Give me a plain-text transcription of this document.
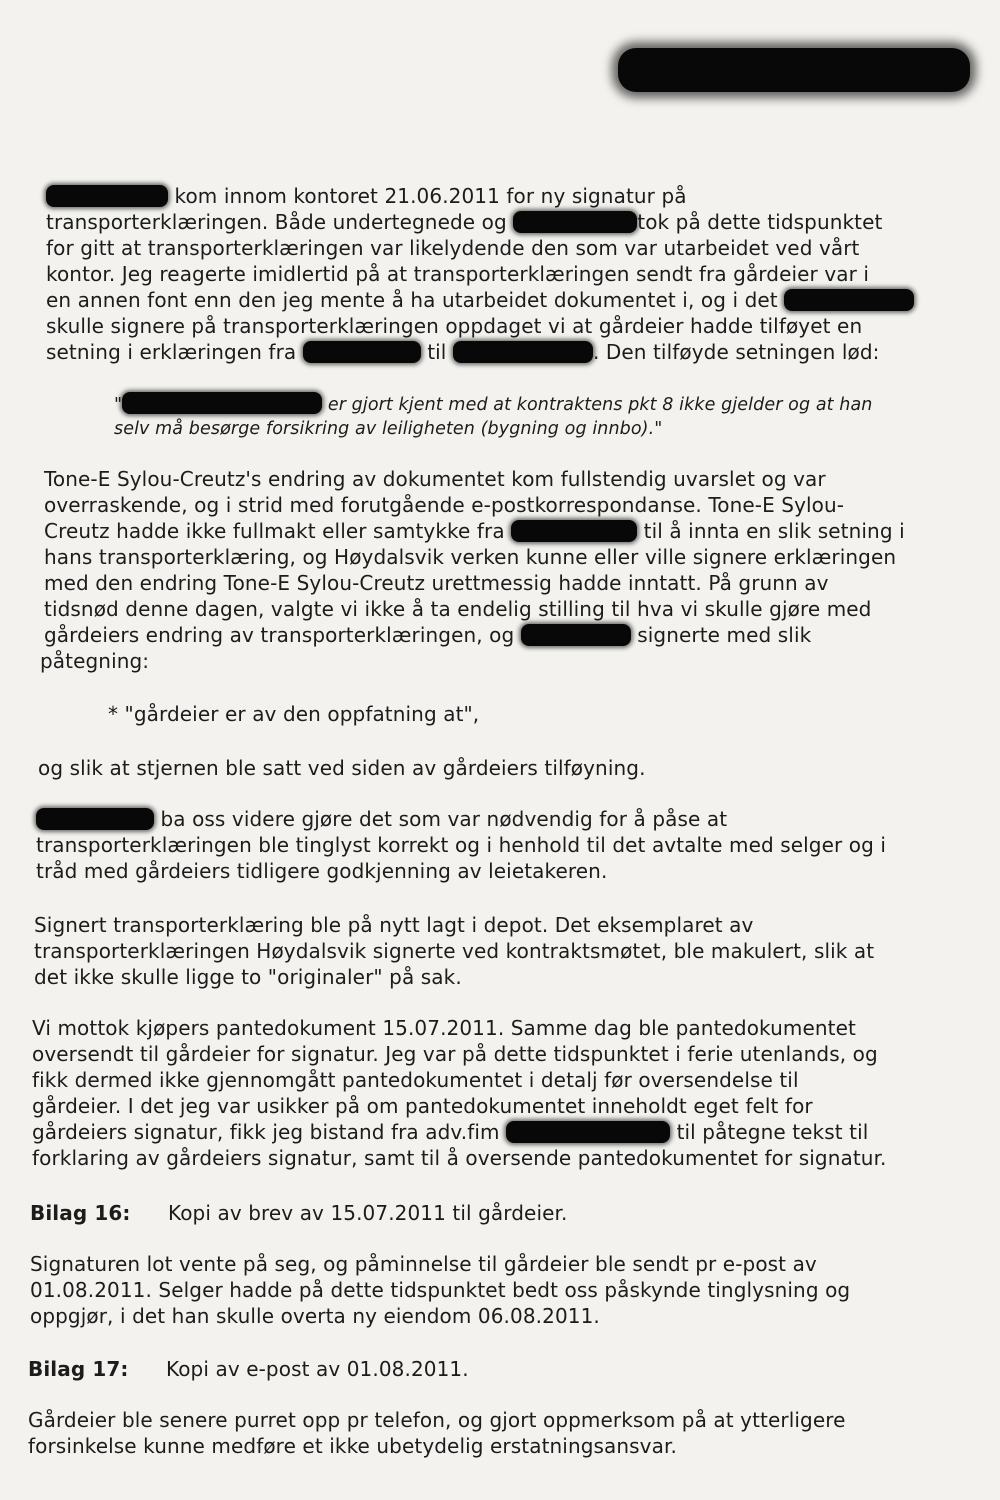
kom innom kontoret 21.06.2011 for ny signatur på
transporterklæringen. Både undertegnede og	tok på dette tidspunktet
for gitt at transporterklæringen var likelydende den som var utarbeidet ved vårt
kontor. Jeg reagerte imidlertid på at transporterklæringen sendt fra gårdeier var i
en annen font enn den jeg mente å ha utarbeidet dokumentet i, og i det
skulle signere på transporterklæringen oppdaget vi at gårdeier hadde tilføyet en
setning i erklæringen fra	til	. Den tilføyde setningen lød:
"	er gjort kjent med at kontraktens pkt 8 ikke gjelder og at han
selv må besørge forsikring av leiligheten (bygning og innbo)."
Tone-E Sylou-Creutz's endring av dokumentet kom fullstendig uvarslet og var
overraskende, og i strid med forutgående e-postkorrespondanse. Tone-E Sylou-
Creutz hadde ikke fullmakt eller samtykke fra	til å innta en slik setning i
hans transporterklæring, og Høydalsvik verken kunne eller ville signere erklæringen
med den endring Tone-E Sylou-Creutz urettmessig hadde inntatt. På grunn av
tidsnød denne dagen, valgte vi ikke å ta endelig stilling til hva vi skulle gjøre med
gårdeiers endring av transporterklæringen, og	signerte med slik
påtegning:
* "gårdeier er av den oppfatning at",
og slik at stjernen ble satt ved siden av gårdeiers tilføyning.
ba oss videre gjøre det som var nødvendig for å påse at
transporterklæringen ble tinglyst korrekt og i henhold til det avtalte med selger og i
tråd med gårdeiers tidligere godkjenning av leietakeren.
Signert transporterklæring ble på nytt lagt i depot. Det eksemplaret av
transporterklæringen Høydalsvik signerte ved kontraktsmøtet, ble makulert, slik at
det ikke skulle ligge to "originaler" på sak.
Vi mottok kjøpers pantedokument 15.07.2011. Samme dag ble pantedokumentet
oversendt til gårdeier for signatur. Jeg var på dette tidspunktet i ferie utenlands, og
fikk dermed ikke gjennomgått pantedokumentet i detalj før oversendelse til
gårdeier. I det jeg var usikker på om pantedokumentet inneholdt eget felt for
gårdeiers signatur, fikk jeg bistand fra adv.fim	til påtegne tekst til
forklaring av gårdeiers signatur, samt til å oversende pantedokumentet for signatur.
Bilag 16: Kopi av brev av 15.07.2011 til gårdeier.
Signaturen lot vente på seg, og påminnelse til gårdeier ble sendt pr e-post av
01.08.2011. Selger hadde på dette tidspunktet bedt oss påskynde tinglysning og
oppgjør, i det han skulle overta ny eiendom 06.08.2011.
Bilag 17: Kopi av e-post av 01.08.2011.
Gårdeier ble senere purret opp pr telefon, og gjort oppmerksom på at ytterligere
forsinkelse kunne medføre et ikke ubetydelig erstatningsansvar.
